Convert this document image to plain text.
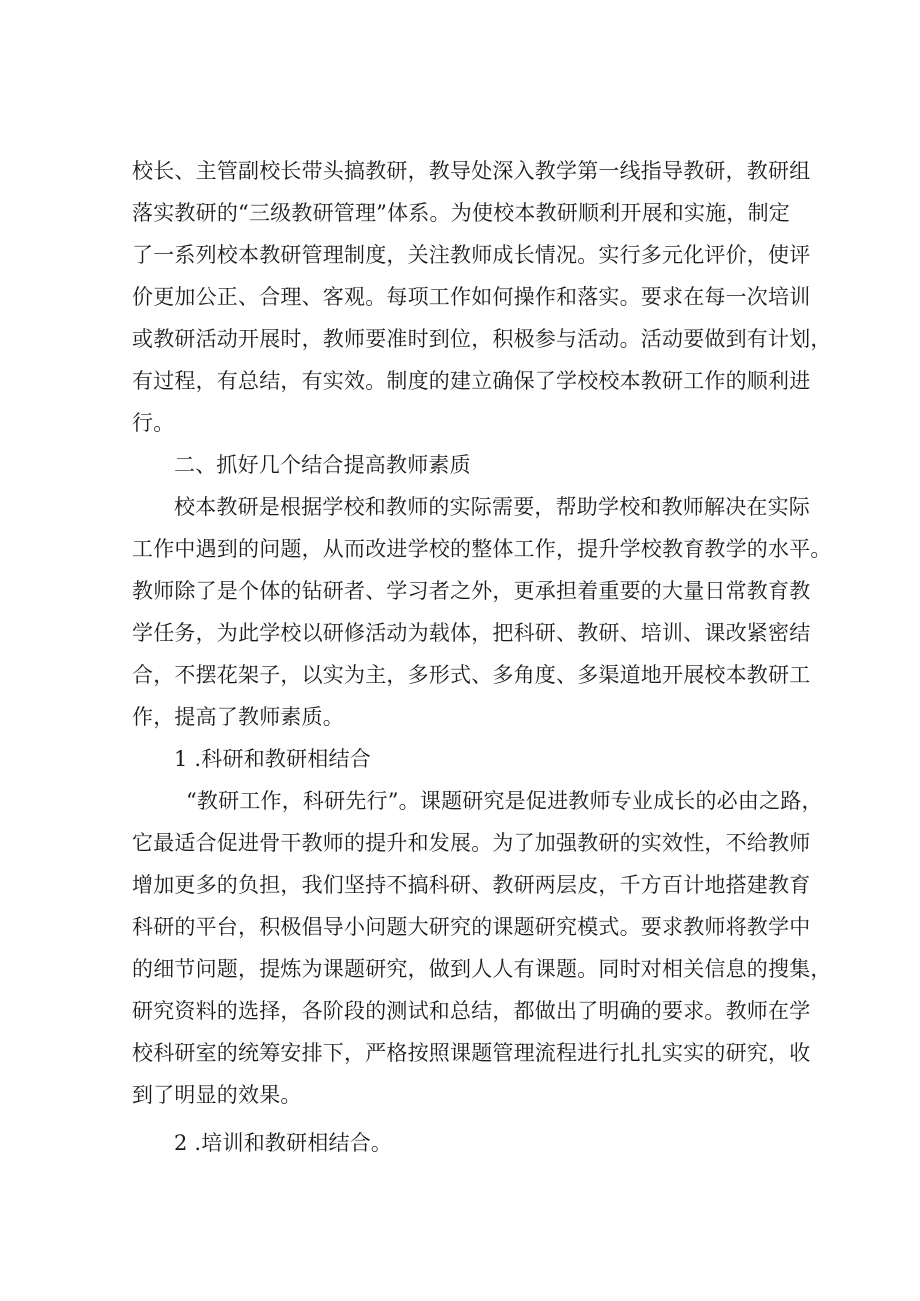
校长、主管副校长带头搞教研，教导处深入教学第一线指导教研，教研组
落实教研的“三级教研管理”体系。为使校本教研顺利开展和实施，制定
了一系列校本教研管理制度，关注教师成长情况。实行多元化评价，使评
价更加公正、合理、客观。每项工作如何操作和落实。要求在每一次培训
或教研活动开展时，教师要准时到位，积极参与活动。活动要做到有计划，
有过程，有总结，有实效。制度的建立确保了学校校本教研工作的顺利进
行。
二、抓好几个结合提高教师素质
校本教研是根据学校和教师的实际需要，帮助学校和教师解决在实际
工作中遇到的问题，从而改进学校的整体工作，提升学校教育教学的水平。
教师除了是个体的钻研者、学习者之外，更承担着重要的大量日常教育教
学任务，为此学校以研修活动为载体，把科研、教研、培训、课改紧密结
合，不摆花架子，以实为主，多形式、多角度、多渠道地开展校本教研工
作，提高了教师素质。
1 .科研和教研相结合
“教研工作，科研先行”。课题研究是促进教师专业成长的必由之路，
它最适合促进骨干教师的提升和发展。为了加强教研的实效性，不给教师
增加更多的负担，我们坚持不搞科研、教研两层皮，千方百计地搭建教育
科研的平台，积极倡导小问题大研究的课题研究模式。要求教师将教学中
的细节问题，提炼为课题研究，做到人人有课题。同时对相关信息的搜集，
研究资料的选择，各阶段的测试和总结，都做出了明确的要求。教师在学
校科研室的统筹安排下，严格按照课题管理流程进行扎扎实实的研究，收
到了明显的效果。
2 .培训和教研相结合。
